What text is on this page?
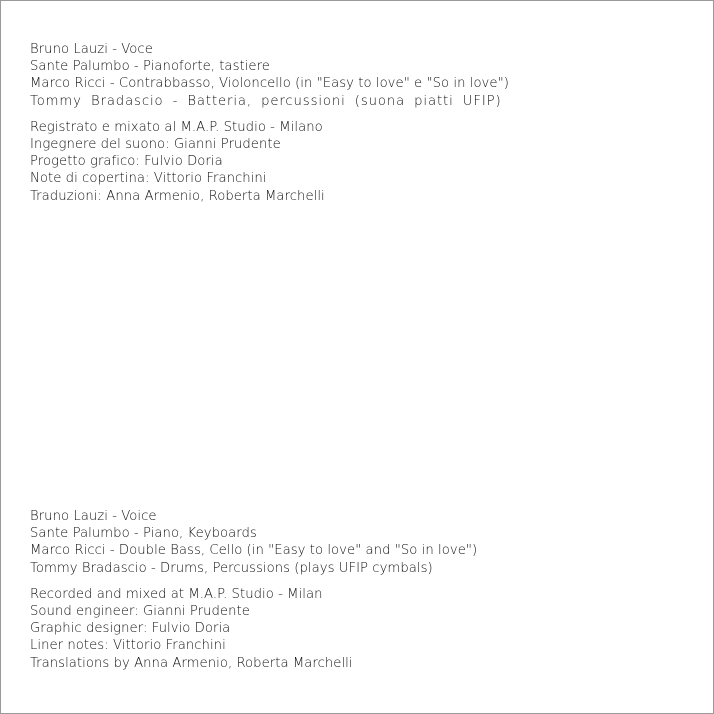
Bruno Lauzi - Voce
Sante Palumbo - Pianoforte, tastiere
Marco Ricci - Contrabbasso, Violoncello (in "Easy to love" e "So in love")
Tommy Bradascio - Batteria, percussioni (suona piatti UFIP)
Registrato e mixato al M.A.P. Studio - Milano
Ingegnere del suono: Gianni Prudente
Progetto grafico: Fulvio Doria
Note di copertina: Vittorio Franchini
Traduzioni: Anna Armenio, Roberta Marchelli
Bruno Lauzi - Voice
Sante Palumbo - Piano, Keyboards
Marco Ricci - Double Bass, Cello (in "Easy to love" and "So in love")
Tommy Bradascio - Drums, Percussions (plays UFIP cymbals)
Recorded and mixed at M.A.P. Studio - Milan
Sound engineer: Gianni Prudente
Graphic designer: Fulvio Doria
Liner notes: Vittorio Franchini
Translations by Anna Armenio, Roberta Marchelli
